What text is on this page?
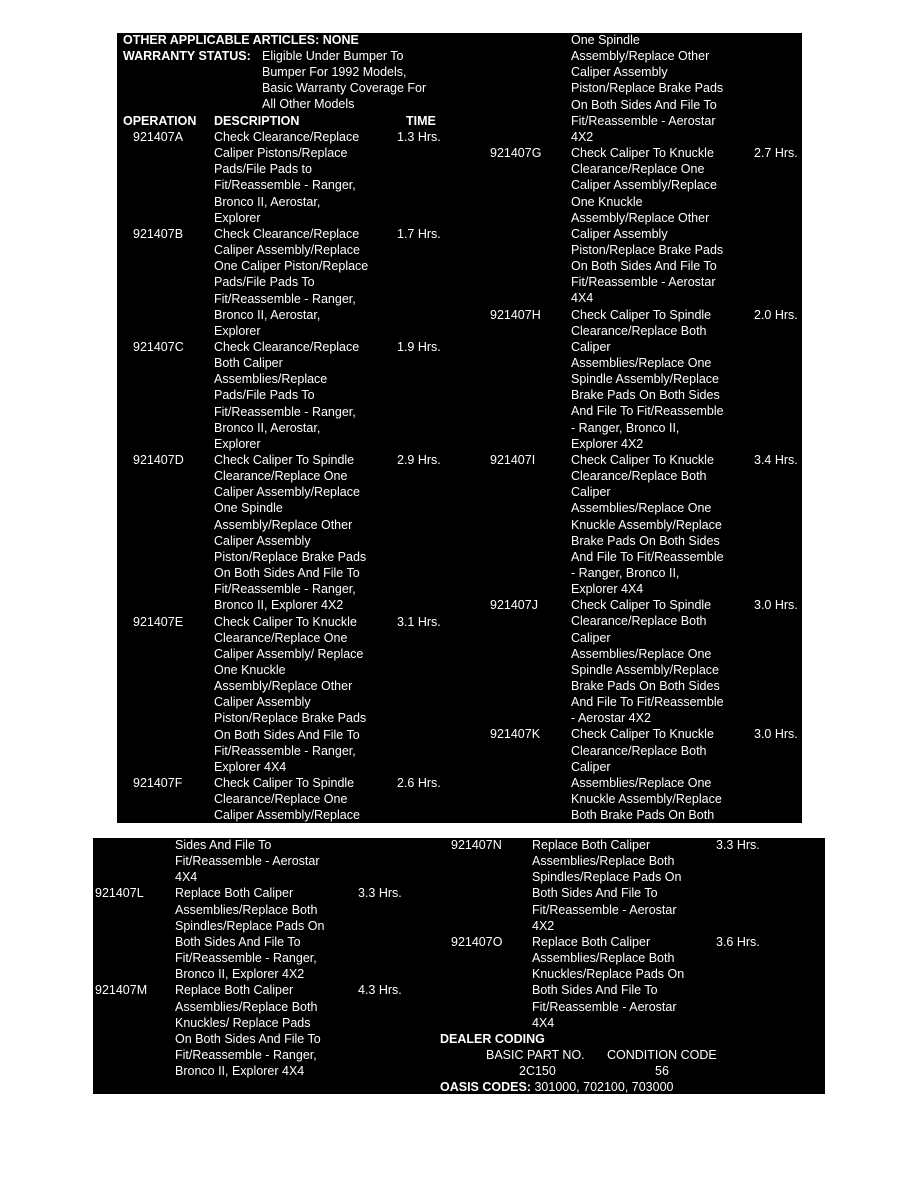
OTHER APPLICABLE ARTICLES: NONE
WARRANTY STATUS: Eligible Under Bumper To
Bumper For 1992 Models,
Basic Warranty Coverage For
All Other Models
OPERATION DESCRIPTION	TIME
921407A	1.3 Hrs.
Check Clearance/Replace
Caliper Pistons/Replace
Pads/File Pads to
Fit/Reassemble - Ranger,
Bronco II, Aerostar,
Explorer
921407B	1.7 Hrs.
Check Clearance/Replace
Caliper Assembly/Replace
One Caliper Piston/Replace
Pads/File Pads To
Fit/Reassemble - Ranger,
Bronco II, Aerostar,
Explorer
921407C	1.9 Hrs.
Check Clearance/Replace
Both Caliper
Assemblies/Replace
Pads/File Pads To
Fit/Reassemble - Ranger,
Bronco II, Aerostar,
Explorer
921407D	2.9 Hrs.
Check Caliper To Spindle
Clearance/Replace One
Caliper Assembly/Replace
One Spindle
Assembly/Replace Other
Caliper Assembly
Piston/Replace Brake Pads
On Both Sides And File To
Fit/Reassemble - Ranger,
Bronco II, Explorer 4X2
921407E	3.1 Hrs.
Check Caliper To Knuckle
Clearance/Replace One
Caliper Assembly/ Replace
One Knuckle
Assembly/Replace Other
Caliper Assembly
Piston/Replace Brake Pads
On Both Sides And File To
Fit/Reassemble - Ranger,
Explorer 4X4
921407F	2.6 Hrs.
Check Caliper To Spindle
Clearance/Replace One
Caliper Assembly/Replace
One Spindle
Assembly/Replace Other
Caliper Assembly
Piston/Replace Brake Pads
On Both Sides And File To
Fit/Reassemble - Aerostar
4X2
921407G	2.7 Hrs.
Check Caliper To Knuckle
Clearance/Replace One
Caliper Assembly/Replace
One Knuckle
Assembly/Replace Other
Caliper Assembly
Piston/Replace Brake Pads
On Both Sides And File To
Fit/Reassemble - Aerostar
4X4
921407H	2.0 Hrs.
Check Caliper To Spindle
Clearance/Replace Both
Caliper
Assemblies/Replace One
Spindle Assembly/Replace
Brake Pads On Both Sides
And File To Fit/Reassemble
- Ranger, Bronco II,
Explorer 4X2
921407I	3.4 Hrs.
Check Caliper To Knuckle
Clearance/Replace Both
Caliper
Assemblies/Replace One
Knuckle Assembly/Replace
Brake Pads On Both Sides
And File To Fit/Reassemble
- Ranger, Bronco II,
Explorer 4X4
921407J	3.0 Hrs.
Check Caliper To Spindle
Clearance/Replace Both
Caliper
Assemblies/Replace One
Spindle Assembly/Replace
Brake Pads On Both Sides
And File To Fit/Reassemble
- Aerostar 4X2
921407K	3.0 Hrs.
Check Caliper To Knuckle
Clearance/Replace Both
Caliper
Assemblies/Replace One
Knuckle Assembly/Replace
Both Brake Pads On Both
Sides And File To
Fit/Reassemble - Aerostar
4X4
921407L	3.3 Hrs.
Replace Both Caliper
Assemblies/Replace Both
Spindles/Replace Pads On
Both Sides And File To
Fit/Reassemble - Ranger,
Bronco II, Explorer 4X2
921407M	4.3 Hrs.
Replace Both Caliper
Assemblies/Replace Both
Knuckles/ Replace Pads
On Both Sides And File To
Fit/Reassemble - Ranger,
Bronco II, Explorer 4X4
921407N	3.3 Hrs.
Replace Both Caliper
Assemblies/Replace Both
Spindles/Replace Pads On
Both Sides And File To
Fit/Reassemble - Aerostar
4X2
921407O	3.6 Hrs.
Replace Both Caliper
Assemblies/Replace Both
Knuckles/Replace Pads On
Both Sides And File To
Fit/Reassemble - Aerostar
4X4
DEALER CODING
BASIC PART NO. CONDITION CODE
2C150	56
OASIS CODES: 301000, 702100, 703000
